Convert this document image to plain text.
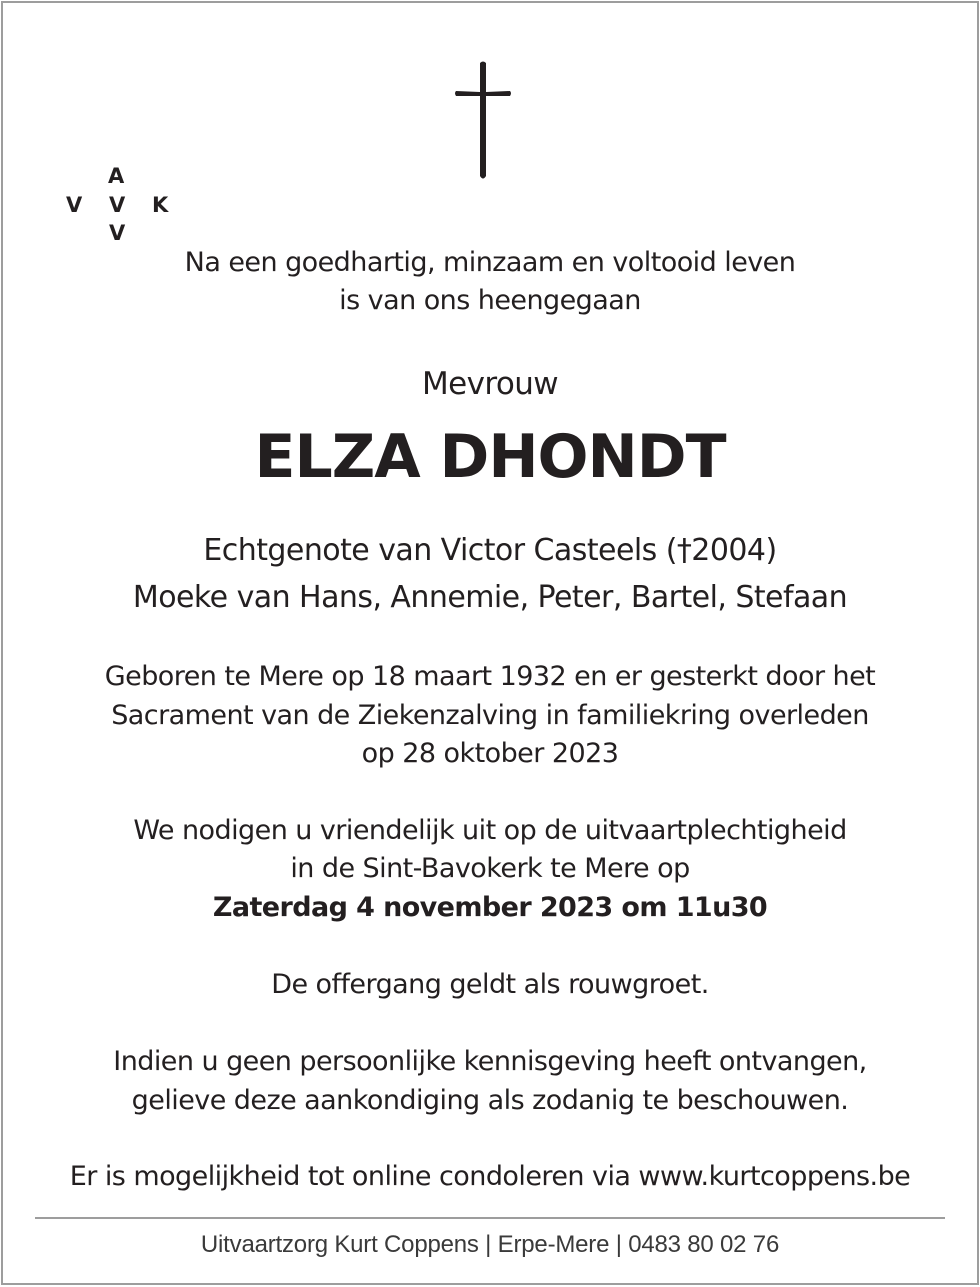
A
V V K
V
Na een goedhartig, minzaam en voltooid leven
is van ons heengegaan
Mevrouw
ELZA DHONDT
Echtgenote van Victor Casteels (†2004)
Moeke van Hans, Annemie, Peter, Bartel, Stefaan
Geboren te Mere op 18 maart 1932 en er gesterkt door het
Sacrament van de Ziekenzalving in familiekring overleden
op 28 oktober 2023
We nodigen u vriendelijk uit op de uitvaartplechtigheid
in de Sint-Bavokerk te Mere op
Zaterdag 4 november 2023 om 11u30
De offergang geldt als rouwgroet.
Indien u geen persoonlijke kennisgeving heeft ontvangen,
gelieve deze aankondiging als zodanig te beschouwen.
Er is mogelijkheid tot online condoleren via www.kurtcoppens.be
Uitvaartzorg Kurt Coppens | Erpe-Mere | 0483 80 02 76
